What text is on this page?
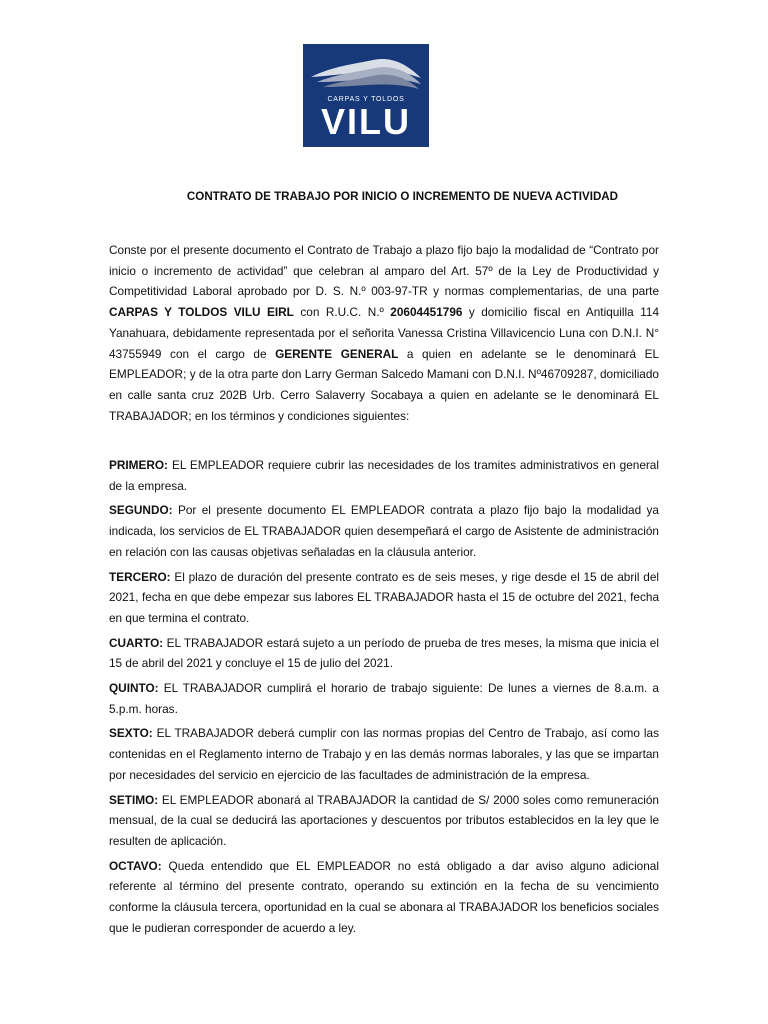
CARPAS Y TOLDOS
VILU
CONTRATO DE TRABAJO POR INICIO O INCREMENTO DE NUEVA ACTIVIDAD

Conste por el presente documento el Contrato de Trabajo a plazo fijo bajo la modalidad de “Contrato por inicio o incremento de actividad” que celebran al amparo del Art. 57º de la Ley de Productividad y Competitividad Laboral aprobado por D. S. N.º 003-97-TR y normas complementarias, de una parte CARPAS Y TOLDOS VILU EIRL con R.U.C. N.º 20604451796 y domicilio fiscal en Antiquilla 114 Yanahuara, debidamente representada por el señorita Vanessa Cristina Villavicencio Luna con D.N.I. N° 43755949 con el cargo de GERENTE GENERAL a quien en adelante se le denominará EL EMPLEADOR; y de la otra parte don Larry German Salcedo Mamani con D.N.I. Nº46709287, domiciliado en calle santa cruz 202B Urb. Cerro Salaverry Socabaya a quien en adelante se le denominará EL TRABAJADOR; en los términos y condiciones siguientes:

PRIMERO: EL EMPLEADOR requiere cubrir las necesidades de los tramites administrativos en general de la empresa.

SEGUNDO: Por el presente documento EL EMPLEADOR contrata a plazo fijo bajo la modalidad ya indicada, los servicios de EL TRABAJADOR quien desempeñará el cargo de Asistente de administración en relación con las causas objetivas señaladas en la cláusula anterior.

TERCERO: El plazo de duración del presente contrato es de seis meses, y rige desde el 15 de abril del 2021, fecha en que debe empezar sus labores EL TRABAJADOR hasta el 15 de octubre del 2021, fecha en que termina el contrato.

CUARTO: EL TRABAJADOR estará sujeto a un período de prueba de tres meses, la misma que inicia el 15 de abril del 2021 y concluye el 15 de julio del 2021.

QUINTO: EL TRABAJADOR cumplirá el horario de trabajo siguiente: De lunes a viernes de 8.a.m. a 5.p.m. horas.

SEXTO: EL TRABAJADOR deberá cumplir con las normas propias del Centro de Trabajo, así como las contenidas en el Reglamento interno de Trabajo y en las demás normas laborales, y las que se impartan por necesidades del servicio en ejercicio de las facultades de administración de la empresa.

SETIMO: EL EMPLEADOR abonará al TRABAJADOR la cantidad de S/ 2000 soles como remuneración mensual, de la cual se deducirá las aportaciones y descuentos por tributos establecidos en la ley que le resulten de aplicación.

OCTAVO: Queda entendido que EL EMPLEADOR no está obligado a dar aviso alguno adicional referente al término del presente contrato, operando su extinción en la fecha de su vencimiento conforme la cláusula tercera, oportunidad en la cual se abonara al TRABAJADOR los beneficios sociales que le pudieran corresponder de acuerdo a ley.
